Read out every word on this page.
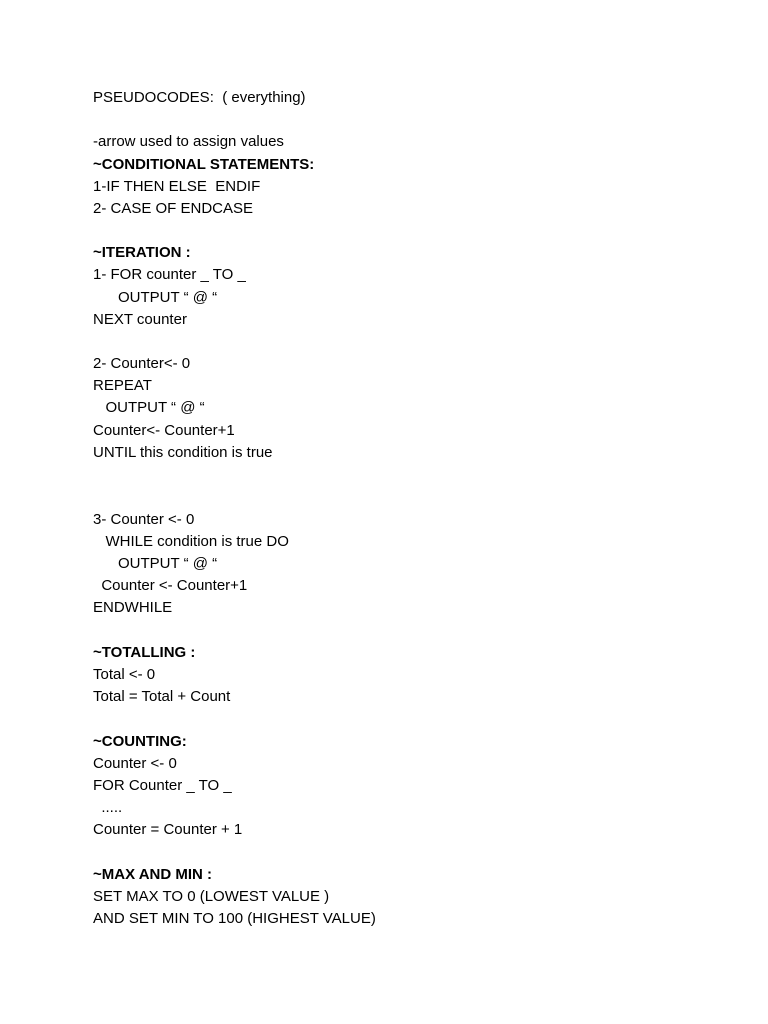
PSEUDOCODES:  ( everything)

-arrow used to assign values

~CONDITIONAL STATEMENTS:

1-IF THEN ELSE  ENDIF

2- CASE OF ENDCASE

~ITERATION :

1- FOR counter _ TO _

OUTPUT “ @ “

NEXT counter

2- Counter<- 0

REPEAT

OUTPUT “ @ “

Counter<- Counter+1

UNTIL this condition is true

3- Counter <- 0

WHILE condition is true DO

OUTPUT “ @ “

Counter <- Counter+1

ENDWHILE

~TOTALLING :

Total <- 0

Total = Total + Count

~COUNTING:

Counter <- 0

FOR Counter _ TO _

.....

Counter = Counter + 1

~MAX AND MIN :

SET MAX TO 0 (LOWEST VALUE )

AND SET MIN TO 100 (HIGHEST VALUE)
